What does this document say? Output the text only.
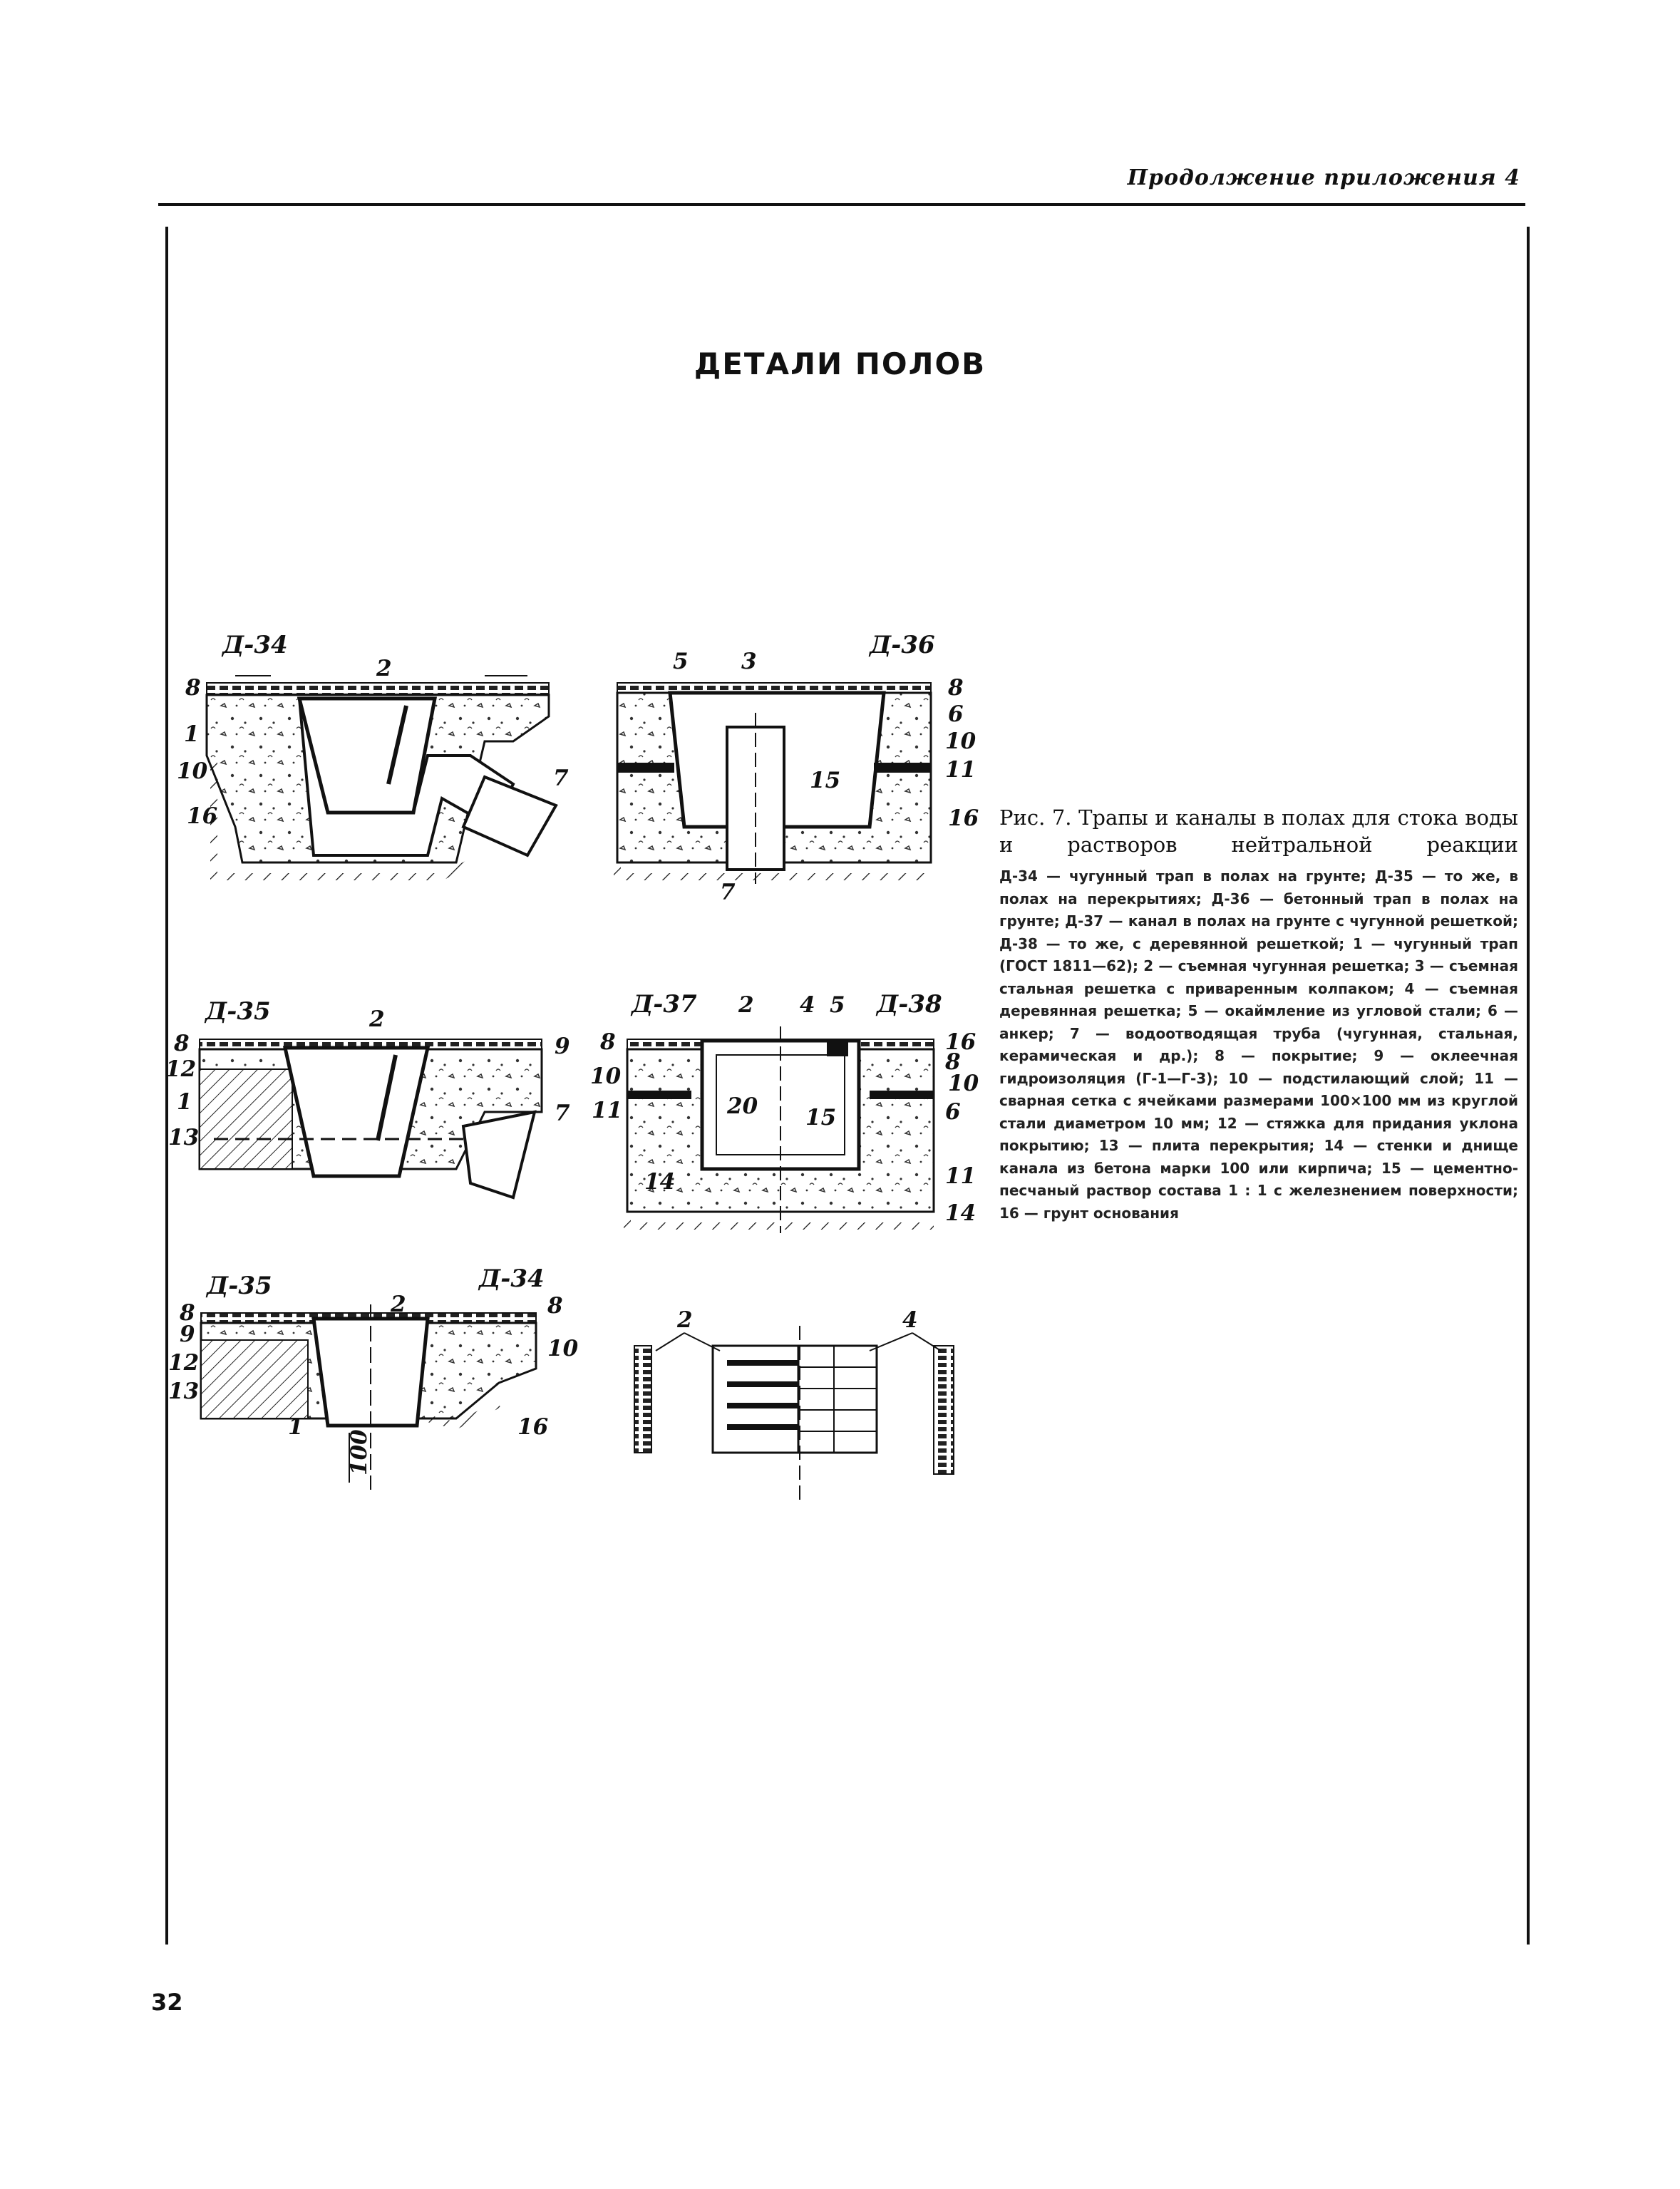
Продолжение приложения 4
ДЕТАЛИ ПОЛОВ
32
Рис. 7. Трапы и каналы в полах для стока воды и растворов нейтральной реакции
Д-34 — чугунный трап в полах на грунте; Д-35 — то же, в полах на перекрытиях; Д-36 — бетонный трап в полах на грунте; Д-37 — канал в полах на грунте с чугунной решеткой; Д-38 — то же, с деревянной решеткой; 1 — чугунный трап (ГОСТ 1811—62); 2 — съемная чугунная решетка; 3 — съемная стальная решетка с приваренным колпаком; 4 — съемная деревянная решетка; 5 — окаймление из угловой стали; 6 — анкер; 7 — водоотводящая труба (чугунная, стальная, керамическая и др.); 8 — покрытие; 9 — оклеечная гидроизоляция (Г-1—Г-3); 10 — подстилающий слой; 11 — сварная сетка с ячейками размерами 100×100 мм из круглой стали диаметром 10 мм; 12 — стяжка для придания уклона покрытию; 13 — плита перекрытия; 14 — стенки и днище канала из бетона марки 100 или кирпича; 15 — цементно-песчаный раствор состава 1 : 1 с железнением поверхности; 16 — грунт основания
Д-34
8
1
10
16
2
7
Д-36
5 3
8
6
10
11
15
16
7
Д-35
8
12
1
13
2
9
7
Д-37	Д-38
2 4 5
8
10
11	20 15
14
16
8
10
6
11
14
2
Д-35	Д-34
8
9
12
13
1
100
8
10
16
2	4
